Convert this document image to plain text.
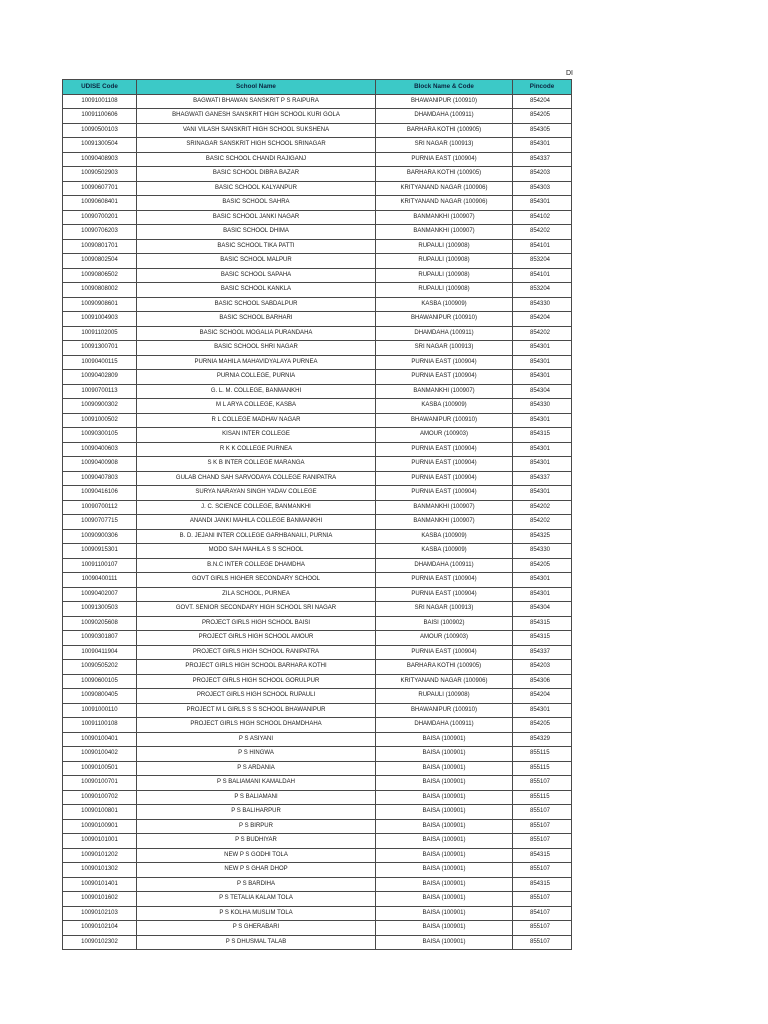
DI
UDISE Code	School Name	Block Name & Code	Pincode
10091001108	BAGWATI BHAWAN SANSKRIT P S RAIPURA	BHAWANIPUR (100910)	854204
10091100606	BHAGWATI GANESH SANSKRIT HIGH SCHOOL KURI GOLA	DHAMDAHA (100911)	854205
10090500103	VANI VILASH SANSKRIT HIGH SCHOOL SUKSHENA	BARHARA KOTHI (100905)	854305
10091300504	SRINAGAR SANSKRIT HIGH SCHOOL SRINAGAR	SRI NAGAR (100913)	854301
10090408903	BASIC SCHOOL CHANDI RAJIGANJ	PURNIA EAST (100904)	854337
10090502903	BASIC SCHOOL DIBRA BAZAR	BARHARA KOTHI (100905)	854203
10090607701	BASIC SCHOOL KALYANPUR	KRITYANAND NAGAR (100906)	854303
10090608401	BASIC SCHOOL SAHRA	KRITYANAND NAGAR (100906)	854301
10090700201	BASIC SCHOOL JANKI NAGAR	BANMANKHI (100907)	854102
10090706203	BASIC SCHOOL DHIMA	BANMANKHI (100907)	854202
10090801701	BASIC SCHOOL TIKA PATTI	RUPAULI (100908)	854101
10090802504	BASIC SCHOOL MALPUR	RUPAULI (100908)	853204
10090806502	BASIC SCHOOL SAPAHA	RUPAULI (100908)	854101
10090808002	BASIC SCHOOL KANKLA	RUPAULI (100908)	853204
10090908601	BASIC SCHOOL SABDALPUR	KASBA (100909)	854330
10091004903	BASIC SCHOOL BARHARI	BHAWANIPUR (100910)	854204
10091102005	BASIC SCHOOL MOGALIA PURANDAHA	DHAMDAHA (100911)	854202
10091300701	BASIC SCHOOL SHRI NAGAR	SRI NAGAR (100913)	854301
10090400115	PURNIA MAHILA MAHAVIDYALAYA PURNEA	PURNIA EAST (100904)	854301
10090402809	PURNIA COLLEGE, PURNIA	PURNIA EAST (100904)	854301
10090700113	G. L. M. COLLEGE, BANMANKHI	BANMANKHI (100907)	854304
10090900302	M L ARYA COLLEGE, KASBA	KASBA (100909)	854330
10091000502	R L COLLEGE MADHAV NAGAR	BHAWANIPUR (100910)	854301
10090300105	KISAN INTER COLLEGE	AMOUR (100903)	854315
10090400603	R K K COLLEGE PURNEA	PURNIA EAST (100904)	854301
10090400908	S K B INTER COLLEGE MARANGA	PURNIA EAST (100904)	854301
10090407803	GULAB CHAND SAH SARVODAYA COLLEGE RANIPATRA	PURNIA EAST (100904)	854337
10090416106	SURYA NARAYAN SINGH YADAV COLLEGE	PURNIA EAST (100904)	854301
10090700112	J. C. SCIENCE COLLEGE, BANMANKHI	BANMANKHI (100907)	854202
10090707715	ANANDI JANKI MAHILA COLLEGE BANMANKHI	BANMANKHI (100907)	854202
10090900306	B. D. JEJANI INTER COLLEGE GARHBANAILI, PURNIA	KASBA (100909)	854325
10090915301	MODO SAH MAHILA S S SCHOOL	KASBA (100909)	854330
10091100107	B.N.C INTER COLLEGE DHAMDHA	DHAMDAHA (100911)	854205
10090400111	GOVT GIRLS HIGHER SECONDARY SCHOOL	PURNIA EAST (100904)	854301
10090402007	ZILA SCHOOL, PURNEA	PURNIA EAST (100904)	854301
10091300503	GOVT. SENIOR SECONDARY HIGH SCHOOL SRI NAGAR	SRI NAGAR (100913)	854304
10090205608	PROJECT GIRLS HIGH SCHOOL BAISI	BAISI (100902)	854315
10090301807	PROJECT GIRLS HIGH SCHOOL AMOUR	AMOUR (100903)	854315
10090411904	PROJECT GIRLS HIGH SCHOOL RANIPATRA	PURNIA EAST (100904)	854337
10090505202	PROJECT GIRLS HIGH SCHOOL BARHARA KOTHI	BARHARA KOTHI (100905)	854203
10090600105	PROJECT GIRLS HIGH SCHOOL GORULPUR	KRITYANAND NAGAR (100906)	854306
10090800405	PROJECT GIRLS HIGH SCHOOL RUPAULI	RUPAULI (100908)	854204
10091000110	PROJECT M L GIRLS S S SCHOOL BHAWANIPUR	BHAWANIPUR (100910)	854301
10091100108	PROJECT GIRLS HIGH SCHOOL DHAMDHAHA	DHAMDAHA (100911)	854205
10090100401	P S ASIYANI	BAISA (100901)	854329
10090100402	P S HINGWA	BAISA (100901)	855115
10090100501	P S ARDANIA	BAISA (100901)	855115
10090100701	P S BALIAMANI KAMALDAH	BAISA (100901)	855107
10090100702	P S BALIAMANI	BAISA (100901)	855115
10090100801	P S BALIHARPUR	BAISA (100901)	855107
10090100901	P S BIRPUR	BAISA (100901)	855107
10090101001	P S BUDHIYAR	BAISA (100901)	855107
10090101202	NEW P S GODHI TOLA	BAISA (100901)	854315
10090101302	NEW P S GHAR DHOP	BAISA (100901)	855107
10090101401	P S BARDIHA	BAISA (100901)	854315
10090101602	P S TETALIA KALAM TOLA	BAISA (100901)	855107
10090102103	P S KOLHA MUSLIM TOLA	BAISA (100901)	854107
10090102104	P S GHERABARI	BAISA (100901)	855107
10090102302	P S DHUSMAL TALAB	BAISA (100901)	855107
